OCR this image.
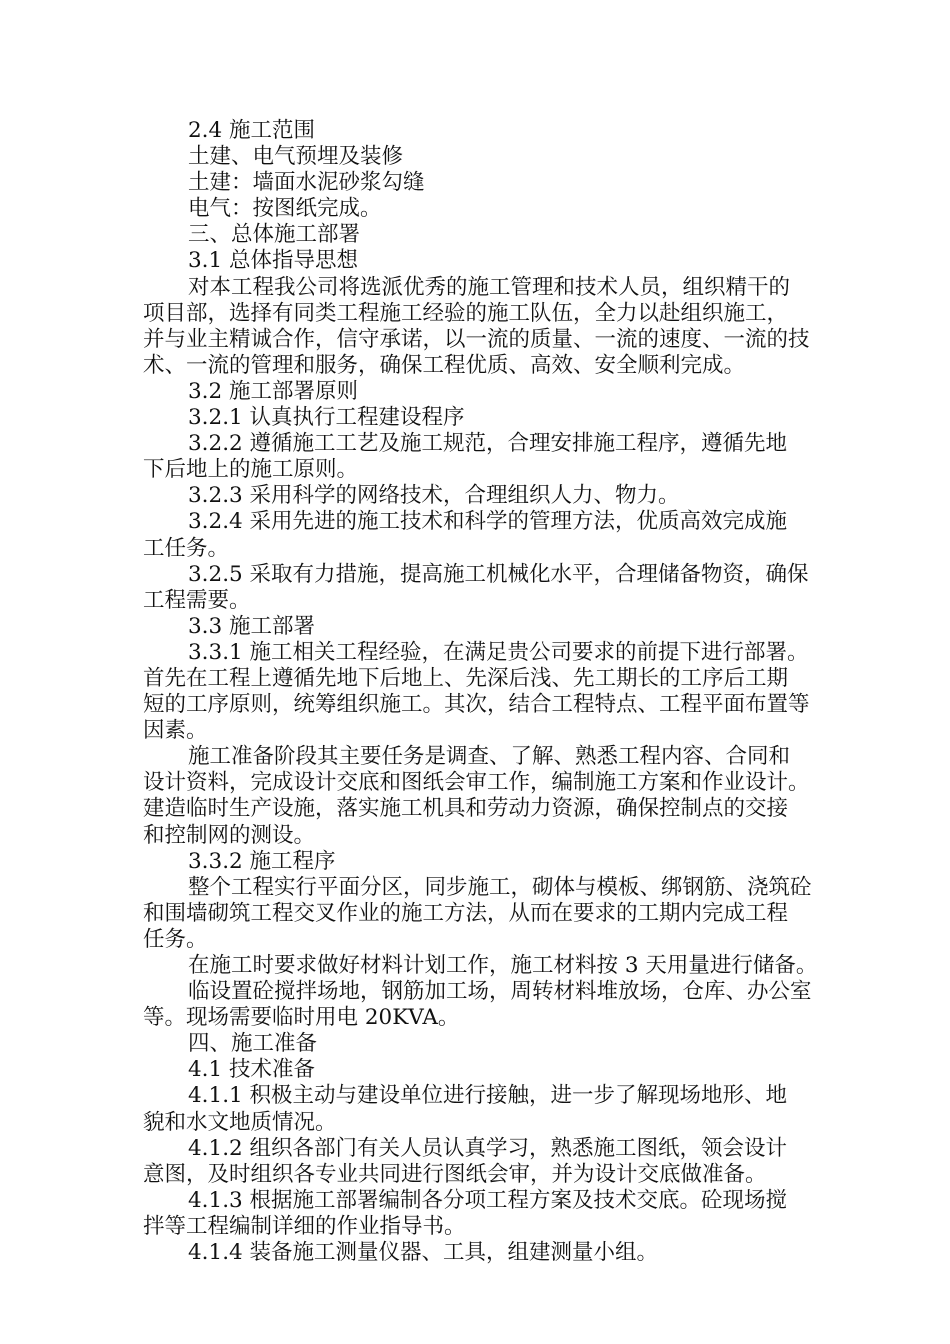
2.4 施工范围

土建、电气预埋及装修

土建：墙面水泥砂浆勾缝

电气：按图纸完成。

三、总体施工部署

3.1 总体指导思想

对本工程我公司将选派优秀的施工管理和技术人员，组织精干的

项目部，选择有同类工程施工经验的施工队伍，全力以赴组织施工，

并与业主精诚合作，信守承诺，以一流的质量、一流的速度、一流的技

术、一流的管理和服务，确保工程优质、高效、安全顺利完成。

3.2 施工部署原则

3.2.1 认真执行工程建设程序

3.2.2 遵循施工工艺及施工规范，合理安排施工程序，遵循先地

下后地上的施工原则。

3.2.3 采用科学的网络技术，合理组织人力、物力。

3.2.4 采用先进的施工技术和科学的管理方法，优质高效完成施

工任务。

3.2.5 采取有力措施，提高施工机械化水平，合理储备物资，确保

工程需要。

3.3 施工部署

3.3.1 施工相关工程经验，在满足贵公司要求的前提下进行部署。

首先在工程上遵循先地下后地上、先深后浅、先工期长的工序后工期

短的工序原则，统筹组织施工。其次，结合工程特点、工程平面布置等

因素。

施工准备阶段其主要任务是调查、了解、熟悉工程内容、合同和

设计资料，完成设计交底和图纸会审工作，编制施工方案和作业设计。

建造临时生产设施，落实施工机具和劳动力资源，确保控制点的交接

和控制网的测设。

3.3.2 施工程序

整个工程实行平面分区，同步施工，砌体与模板、绑钢筋、浇筑砼

和围墙砌筑工程交叉作业的施工方法，从而在要求的工期内完成工程

任务。

在施工时要求做好材料计划工作，施工材料按 3 天用量进行储备。

临设置砼搅拌场地，钢筋加工场，周转材料堆放场，仓库、办公室

等。现场需要临时用电 20KVA。

四、施工准备

4.1 技术准备

4.1.1 积极主动与建设单位进行接触，进一步了解现场地形、地

貌和水文地质情况。

4.1.2 组织各部门有关人员认真学习，熟悉施工图纸，领会设计

意图，及时组织各专业共同进行图纸会审，并为设计交底做准备。

4.1.3 根据施工部署编制各分项工程方案及技术交底。砼现场搅

拌等工程编制详细的作业指导书。

4.1.4 装备施工测量仪器、工具，组建测量小组。
